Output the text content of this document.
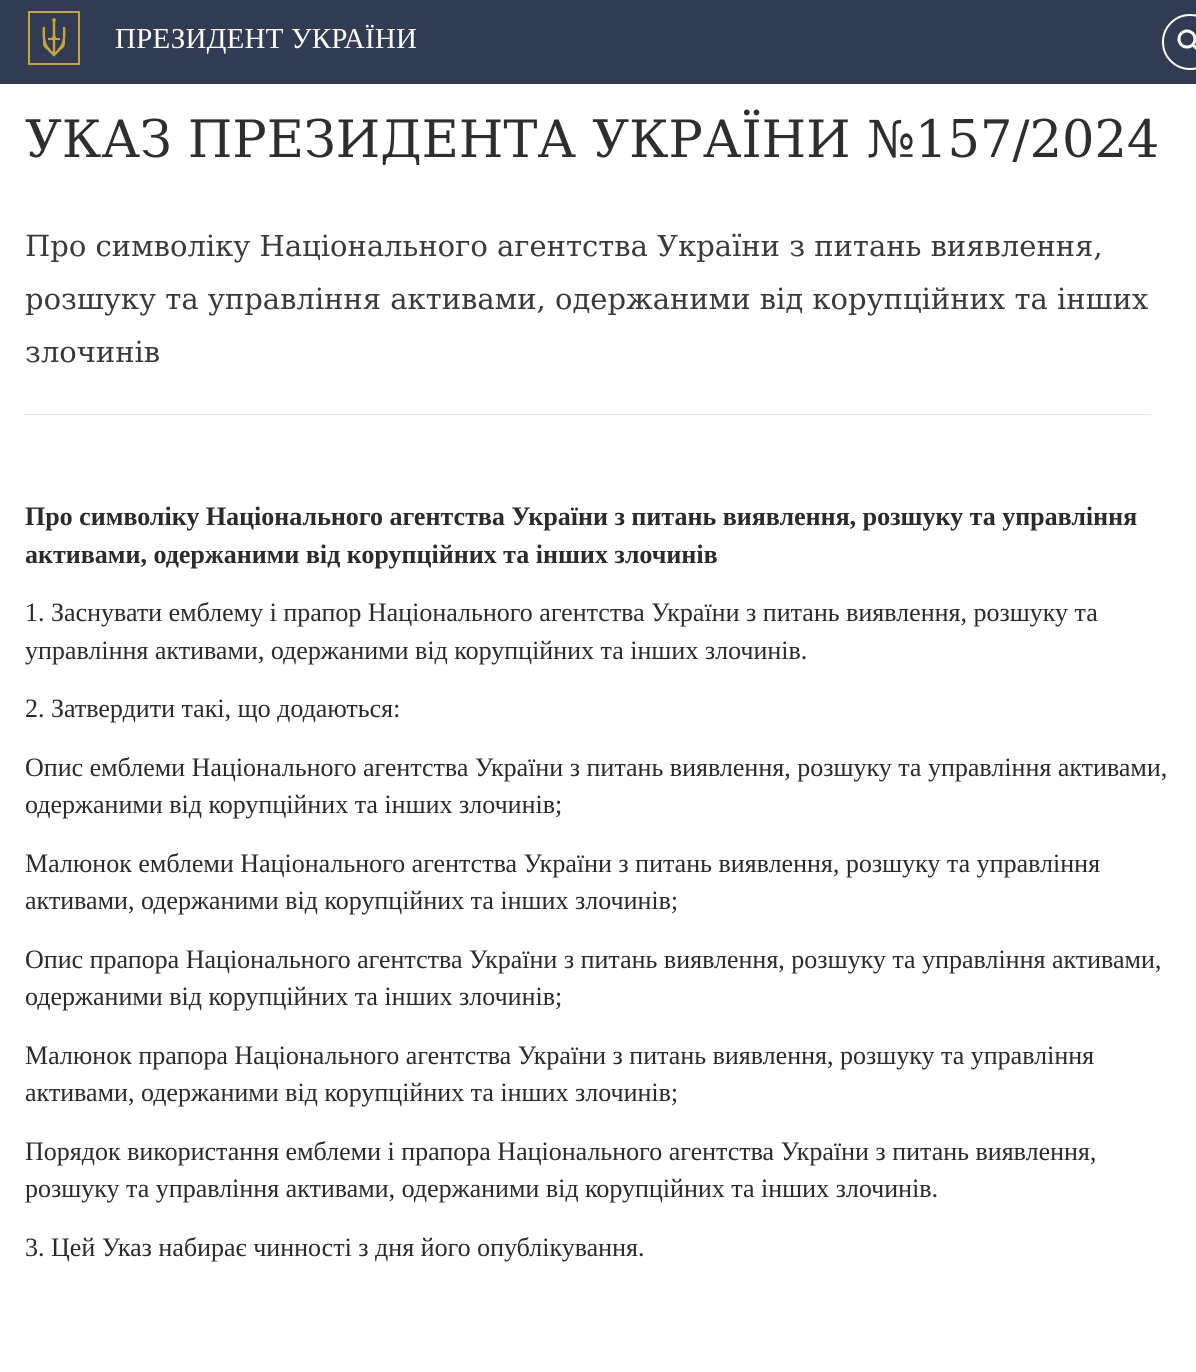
ПРЕЗИДЕНТ УКРАЇНИ
УКАЗ ПРЕЗИДЕНТА УКРАЇНИ №157/2024
Про символіку Національного агентства України з питань виявлення, розшуку та управління активами, одержаними від корупційних та інших злочинів

Про символіку Національного агентства України з питань виявлення, розшуку та управління активами, одержаними від корупційних та інших злочинів

1. Заснувати емблему і прапор Національного агентства України з питань виявлення, розшуку та управління активами, одержаними від корупційних та інших злочинів.

2. Затвердити такі, що додаються:

Опис емблеми Національного агентства України з питань виявлення, розшуку та управління активами, одержаними від корупційних та інших злочинів;

Малюнок емблеми Національного агентства України з питань виявлення, розшуку та управління активами, одержаними від корупційних та інших злочинів;

Опис прапора Національного агентства України з питань виявлення, розшуку та управління активами, одержаними від корупційних та інших злочинів;

Малюнок прапора Національного агентства України з питань виявлення, розшуку та управління активами, одержаними від корупційних та інших злочинів;

Порядок використання емблеми і прапора Національного агентства України з питань виявлення, розшуку та управління активами, одержаними від корупційних та інших злочинів.

3. Цей Указ набирає чинності з дня його опублікування.
